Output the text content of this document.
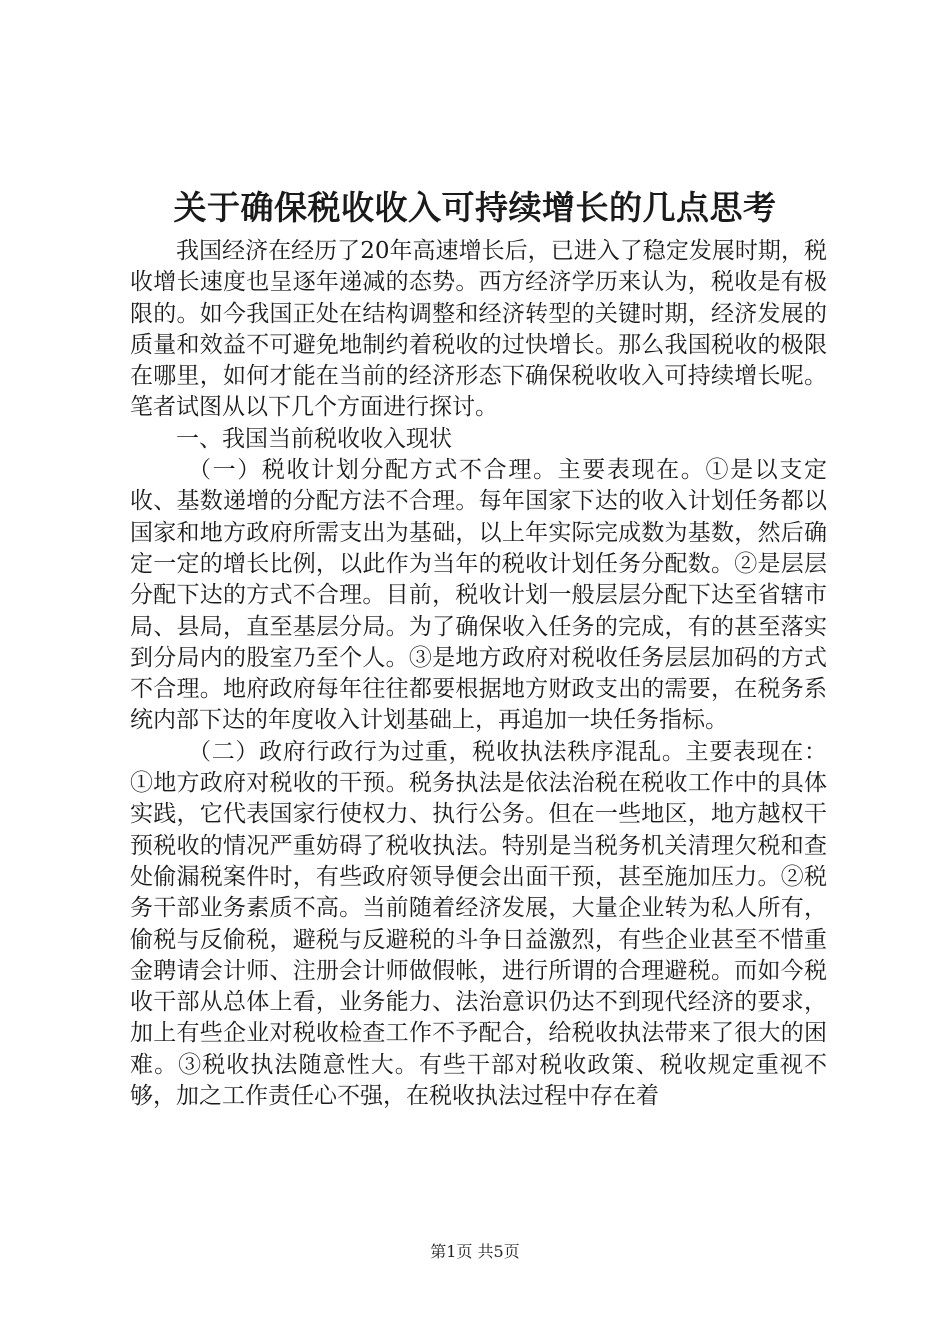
关于确保税收收入可持续增长的几点思考

我国经济在经历了20年高速增长后，已进入了稳定发展时期，税收增长速度也呈逐年递减的态势。西方经济学历来认为，税收是有极限的。如今我国正处在结构调整和经济转型的关键时期，经济发展的质量和效益不可避免地制约着税收的过快增长。那么我国税收的极限在哪里，如何才能在当前的经济形态下确保税收收入可持续增长呢。笔者试图从以下几个方面进行探讨。

一、我国当前税收收入现状

（一）税收计划分配方式不合理。主要表现在。①是以支定收、基数递增的分配方法不合理。每年国家下达的收入计划任务都以国家和地方政府所需支出为基础，以上年实际完成数为基数，然后确定一定的增长比例，以此作为当年的税收计划任务分配数。②是层层分配下达的方式不合理。目前，税收计划一般层层分配下达至省辖市局、县局，直至基层分局。为了确保收入任务的完成，有的甚至落实到分局内的股室乃至个人。③是地方政府对税收任务层层加码的方式不合理。地府政府每年往往都要根据地方财政支出的需要，在税务系统内部下达的年度收入计划基础上，再追加一块任务指标。

（二）政府行政行为过重，税收执法秩序混乱。主要表现在：①地方政府对税收的干预。税务执法是依法治税在税收工作中的具体实践，它代表国家行使权力、执行公务。但在一些地区，地方越权干预税收的情况严重妨碍了税收执法。特别是当税务机关清理欠税和查处偷漏税案件时，有些政府领导便会出面干预，甚至施加压力。②税务干部业务素质不高。当前随着经济发展，大量企业转为私人所有，偷税与反偷税，避税与反避税的斗争日益激烈，有些企业甚至不惜重金聘请会计师、注册会计师做假帐，进行所谓的合理避税。而如今税收干部从总体上看，业务能力、法治意识仍达不到现代经济的要求，加上有些企业对税收检查工作不予配合，给税收执法带来了很大的困难。③税收执法随意性大。有些干部对税收政策、税收规定重视不够，加之工作责任心不强，在税收执法过程中存在着

第1页 共5页
